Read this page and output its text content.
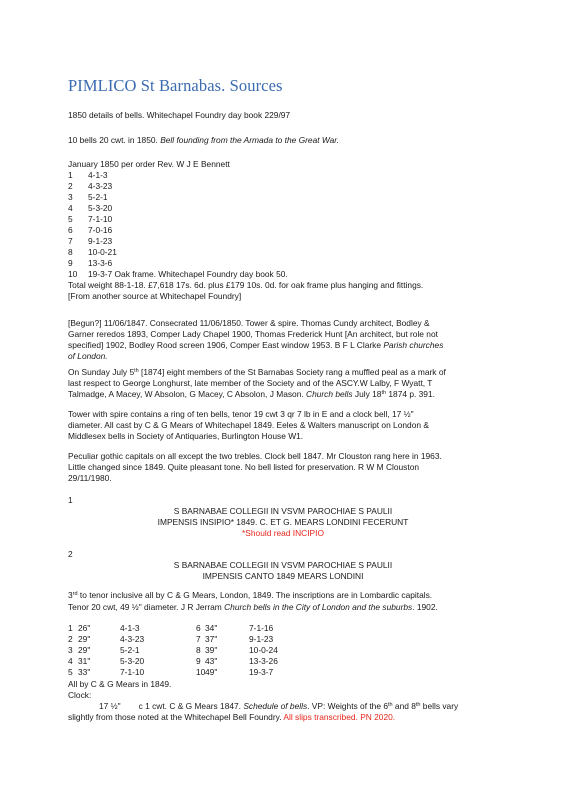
PIMLICO St Barnabas. Sources
1850 details of bells. Whitechapel Foundry day book 229/97
10 bells 20 cwt. in 1850. Bell founding from the Armada to the Great War.
January 1850 per order Rev. W J E Bennett
1 4-1-3
2 4-3-23
3 5-2-1
4 5-3-20
5 7-1-10
6 7-0-16
7 9-1-23
8 10-0-21
9 13-3-6
10 19-3-7 Oak frame. Whitechapel Foundry day book 50.
Total weight 88-1-18. £7,618 17s. 6d. plus £179 10s. 0d. for oak frame plus hanging and fittings.
[From another source at Whitechapel Foundry]
[Begun?] 11/06/1847. Consecrated 11/06/1850. Tower & spire. Thomas Cundy architect, Bodley &
Garner reredos 1893, Comper Lady Chapel 1900, Thomas Frederick Hunt [An architect, but role not
specified] 1902, Bodley Rood screen 1906, Comper East window 1953. B F L Clarke Parish churches
of London.
On Sunday July 5th [1874] eight members of the St Barnabas Society rang a muffled peal as a mark of
last respect to George Longhurst, late member of the Society and of the ASCY.W Lalby, F Wyatt, T
Talmadge, A Macey, W Absolon, G Macey, C Absolon, J Mason. Church bells July 18th 1874 p. 391.
Tower with spire contains a ring of ten bells, tenor 19 cwt 3 qr 7 lb in E and a clock bell, 17 ½"
diameter. All cast by C & G Mears of Whitechapel 1849. Eeles & Walters manuscript on London &
Middlesex bells in Society of Antiquaries, Burlington House W1.
Peculiar gothic capitals on all except the two trebles. Clock bell 1847. Mr Clouston rang here in 1963.
Little changed since 1849. Quite pleasant tone. No bell listed for preservation. R W M Clouston
29/11/1980.
1
S BARNABAE COLLEGII IN VSVM PAROCHIAE S PAULII
IMPENSIS INSIPIO* 1849. C. ET G. MEARS LONDINI FECERUNT
*Should read INCIPIO
2
S BARNABAE COLLEGII IN VSVM PAROCHIAE S PAULII
IMPENSIS CANTO 1849 MEARS LONDINI
3rd to tenor inclusive all by C & G Mears, London, 1849. The inscriptions are in Lombardic capitals.
Tenor 20 cwt, 49 ½" diameter. J R Jerram Church bells in the City of London and the suburbs. 1902.
1 26"	4-1-3	6 34"	7-1-16
2 29"	4-3-23	7 37"	9-1-23
3 29"	5-2-1	8 39"	10-0-24
4 31"	5-3-20	9 43"	13-3-26
5 33"	7-1-10	10 49"	19-3-7
All by C & G Mears in 1849.
Clock:
17 ½" c 1 cwt. C & G Mears 1847. Schedule of bells. VP: Weights of the 6th and 8th bells vary
slightly from those noted at the Whitechapel Bell Foundry. All slips transcribed. PN 2020.
